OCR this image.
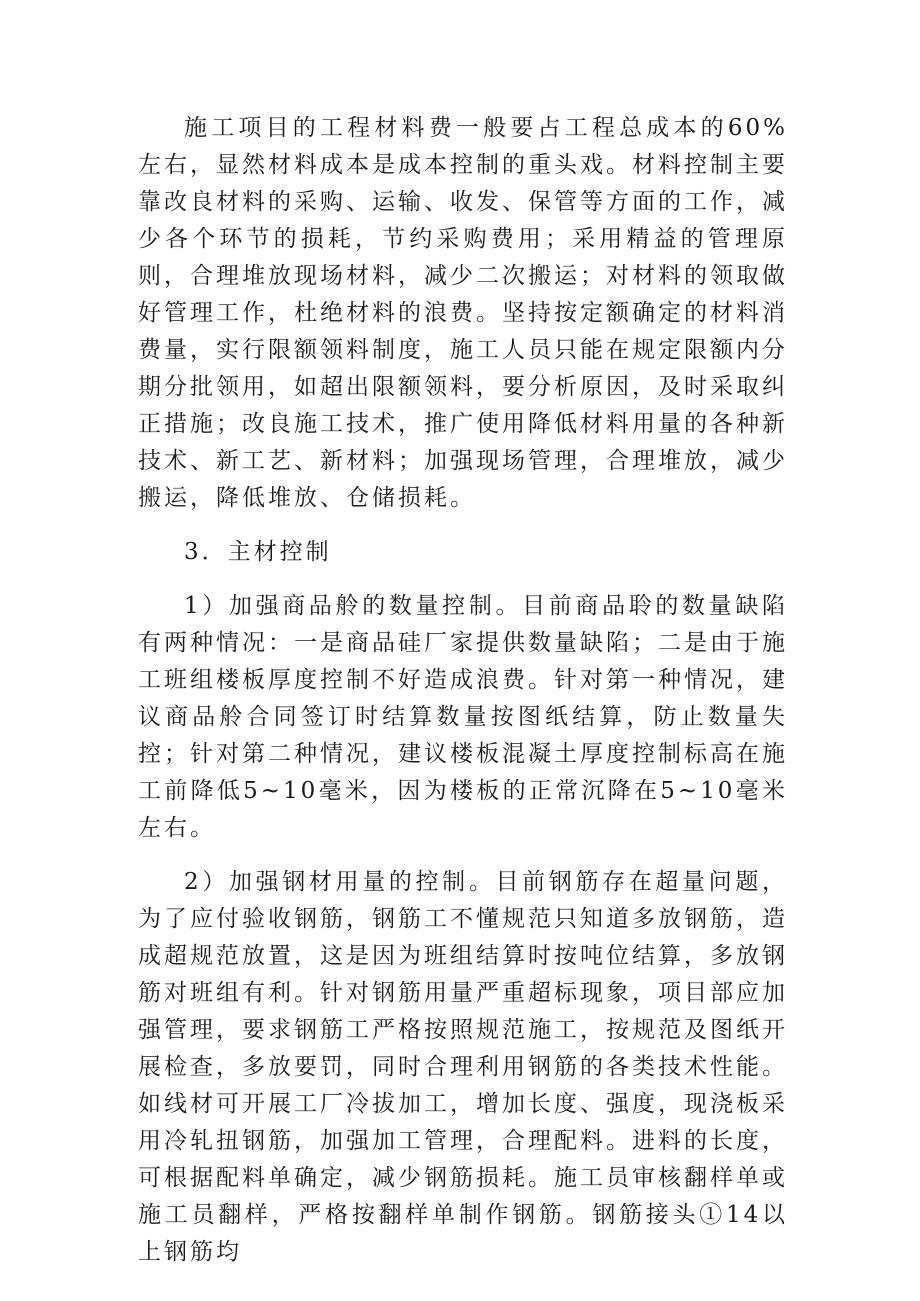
施工项目的工程材料费一般要占工程总成本的60%左右，显然材料成本是成本控制的重头戏。材料控制主要靠改良材料的采购、运输、收发、保管等方面的工作，减少各个环节的损耗，节约采购费用；采用精益的管理原则，合理堆放现场材料，减少二次搬运；对材料的领取做好管理工作，杜绝材料的浪费。坚持按定额确定的材料消费量，实行限额领料制度，施工人员只能在规定限额内分期分批领用，如超出限额领料，要分析原因，及时采取纠正措施；改良施工技术，推广使用降低材料用量的各种新技术、新工艺、新材料；加强现场管理，合理堆放，减少搬运，降低堆放、仓储损耗。

3．主材控制

1）加强商品舲的数量控制。目前商品聆的数量缺陷有两种情况：一是商品硅厂家提供数量缺陷；二是由于施工班组楼板厚度控制不好造成浪费。针对第一种情况，建议商品舲合同签订时结算数量按图纸结算，防止数量失控；针对第二种情况，建议楼板混凝土厚度控制标高在施工前降低5~10毫米，因为楼板的正常沉降在5~10毫米左右。

2）加强钢材用量的控制。目前钢筋存在超量问题，为了应付验收钢筋，钢筋工不懂规范只知道多放钢筋，造成超规范放置，这是因为班组结算时按吨位结算，多放钢筋对班组有利。针对钢筋用量严重超标现象，项目部应加强管理，要求钢筋工严格按照规范施工，按规范及图纸开展检查，多放要罚，同时合理利用钢筋的各类技术性能。如线材可开展工厂冷拔加工，增加长度、强度，现浇板采用冷轧扭钢筋，加强加工管理，合理配料。进料的长度，可根据配料单确定，减少钢筋损耗。施工员审核翻样单或施工员翻样，严格按翻样单制作钢筋。钢筋接头①14以上钢筋均
